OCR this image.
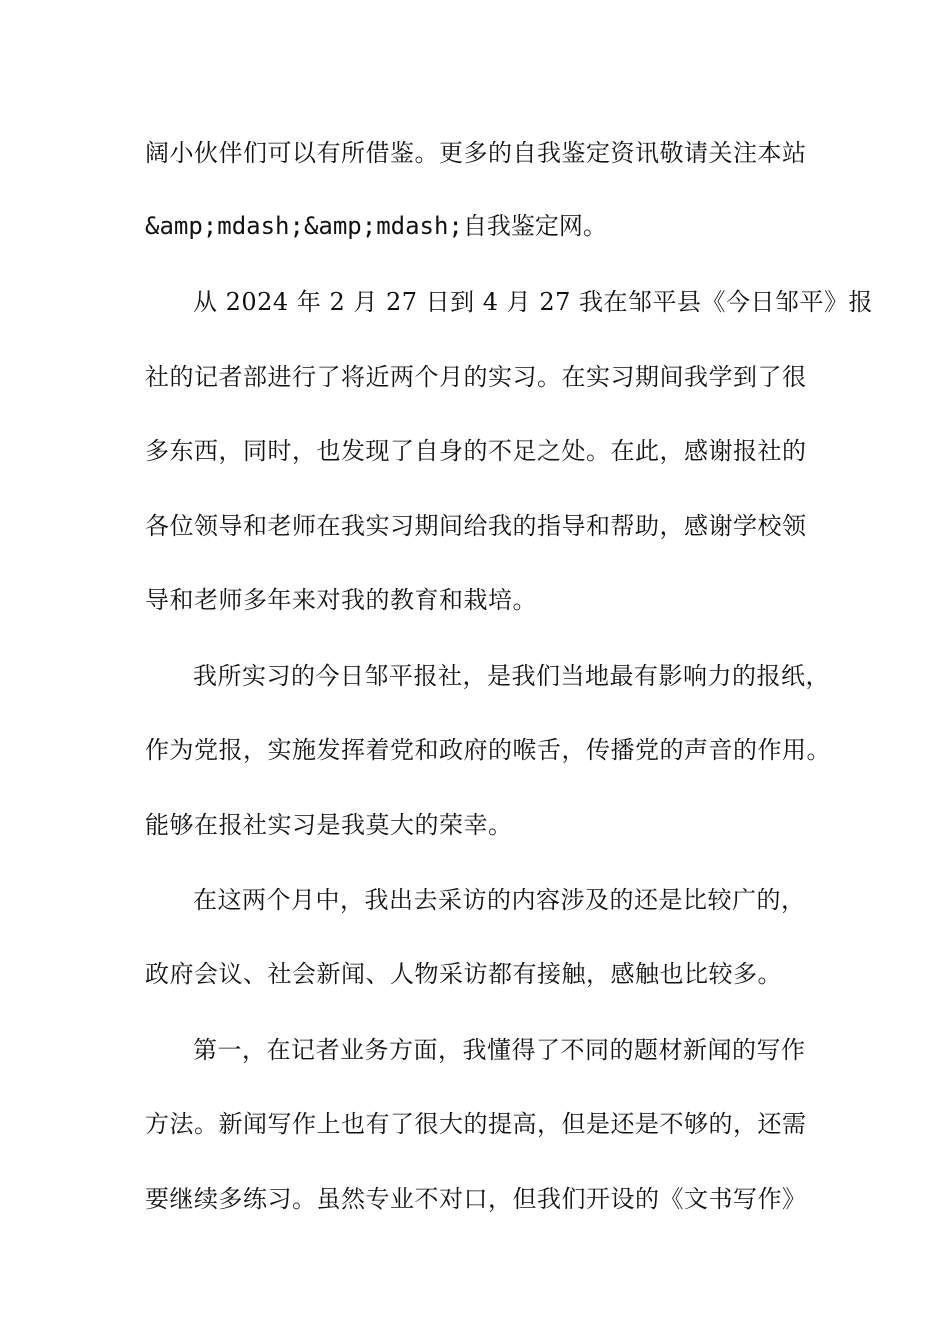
阔小伙伴们可以有所借鉴。更多的自我鉴定资讯敬请关注本站
&amp;mdash;&amp;mdash;自我鉴定网。
从 2024 年 2 月 27 日到 4 月 27 我在邹平县《今日邹平》报
社的记者部进行了将近两个月的实习。在实习期间我学到了很
多东西，同时，也发现了自身的不足之处。在此，感谢报社的
各位领导和老师在我实习期间给我的指导和帮助，感谢学校领
导和老师多年来对我的教育和栽培。
我所实习的今日邹平报社，是我们当地最有影响力的报纸，
作为党报，实施发挥着党和政府的喉舌，传播党的声音的作用。
能够在报社实习是我莫大的荣幸。
在这两个月中，我出去采访的内容涉及的还是比较广的，
政府会议、社会新闻、人物采访都有接触，感触也比较多。
第一，在记者业务方面，我懂得了不同的题材新闻的写作
方法。新闻写作上也有了很大的提高，但是还是不够的，还需
要继续多练习。虽然专业不对口，但我们开设的《文书写作》
